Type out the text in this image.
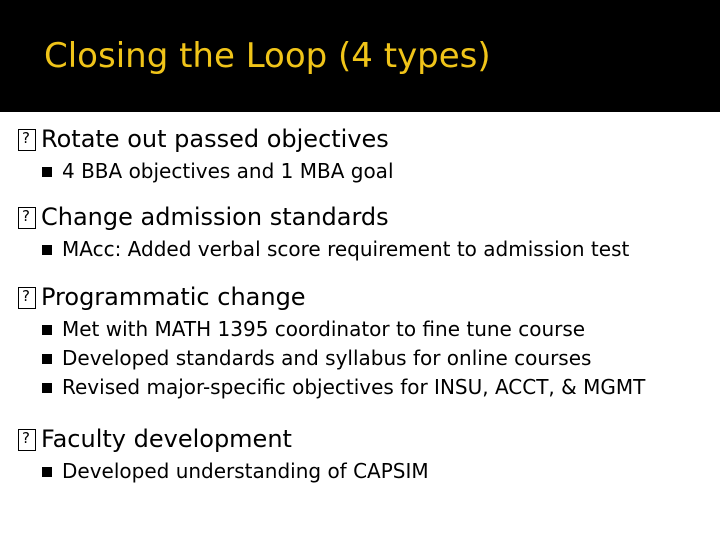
Closing the Loop (4 types)
?
Rotate out passed objectives
4 BBA objectives and 1 MBA goal
?
Change admission standards
MAcc: Added verbal score requirement to admission test
?
Programmatic change
Met with MATH 1395 coordinator to fine tune course
Developed standards and syllabus for online courses
Revised major-specific objectives for INSU, ACCT, & MGMT
?
Faculty development
Developed understanding of CAPSIM
